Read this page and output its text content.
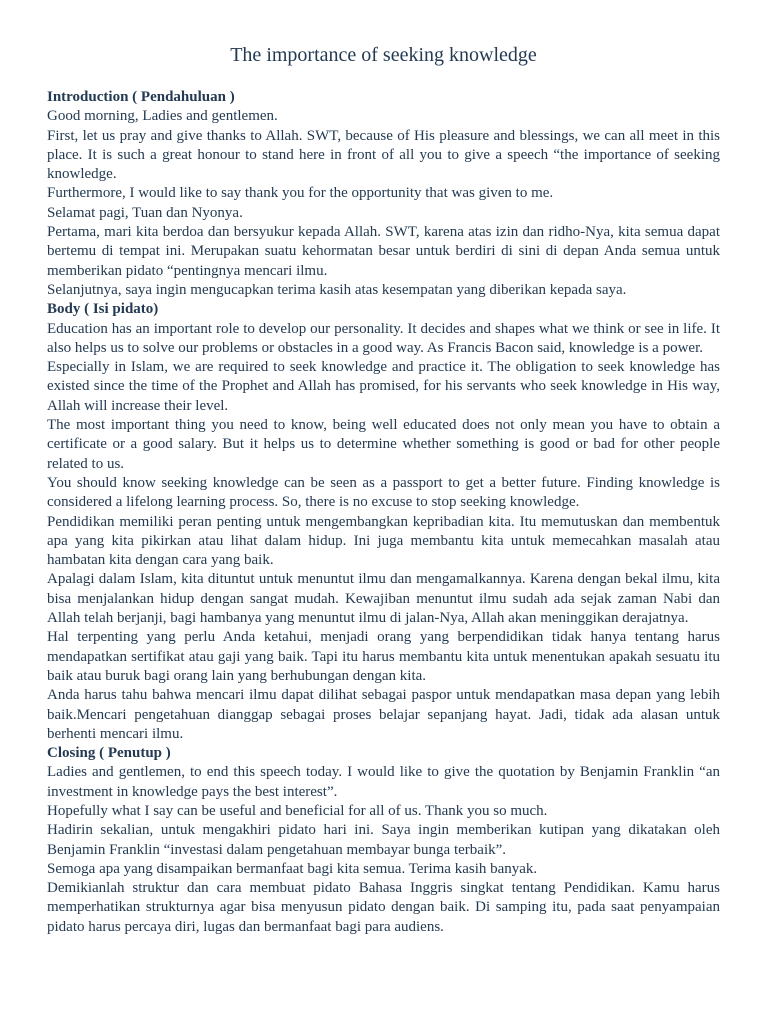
The importance of seeking knowledge

Introduction ( Pendahuluan )

Good morning, Ladies and gentlemen.

First, let us pray and give thanks to Allah. SWT, because of His pleasure and blessings, we can all meet in this place. It is such a great honour to stand here in front of all you to give a speech “the importance of seeking knowledge.

Furthermore, I would like to say thank you for the opportunity that was given to me.

Selamat pagi, Tuan dan Nyonya.

Pertama, mari kita berdoa dan bersyukur kepada Allah. SWT, karena atas izin dan ridho-Nya, kita semua dapat bertemu di tempat ini. Merupakan suatu kehormatan besar untuk berdiri di sini di depan Anda semua untuk memberikan pidato “pentingnya mencari ilmu.

Selanjutnya, saya ingin mengucapkan terima kasih atas kesempatan yang diberikan kepada saya.

Body ( Isi pidato)

Education has an important role to develop our personality. It decides and shapes what we think or see in life. It also helps us to solve our problems or obstacles in a good way. As Francis Bacon said, knowledge is a power.

Especially in Islam, we are required to seek knowledge and practice it. The obligation to seek knowledge has existed since the time of the Prophet and Allah has promised, for his servants who seek knowledge in His way, Allah will increase their level.

The most important thing you need to know, being well educated does not only mean you have to obtain a certificate or a good salary. But it helps us to determine whether something is good or bad for other people related to us.

You should know seeking knowledge can be seen as a passport to get a better future. Finding knowledge is considered a lifelong learning process. So, there is no excuse to stop seeking knowledge.

Pendidikan memiliki peran penting untuk mengembangkan kepribadian kita. Itu memutuskan dan membentuk apa yang kita pikirkan atau lihat dalam hidup. Ini juga membantu kita untuk memecahkan masalah atau hambatan kita dengan cara yang baik.

Apalagi dalam Islam, kita dituntut untuk menuntut ilmu dan mengamalkannya. Karena dengan bekal ilmu, kita bisa menjalankan hidup dengan sangat mudah. Kewajiban menuntut ilmu sudah ada sejak zaman Nabi dan Allah telah berjanji, bagi hambanya yang menuntut ilmu di jalan-Nya, Allah akan meninggikan derajatnya.

Hal terpenting yang perlu Anda ketahui, menjadi orang yang berpendidikan tidak hanya tentang harus mendapatkan sertifikat atau gaji yang baik. Tapi itu harus membantu kita untuk menentukan apakah sesuatu itu baik atau buruk bagi orang lain yang berhubungan dengan kita.

Anda harus tahu bahwa mencari ilmu dapat dilihat sebagai paspor untuk mendapatkan masa depan yang lebih baik.Mencari pengetahuan dianggap sebagai proses belajar sepanjang hayat. Jadi, tidak ada alasan untuk berhenti mencari ilmu.

Closing ( Penutup )

Ladies and gentlemen, to end this speech today. I would like to give the quotation by Benjamin Franklin “an investment in knowledge pays the best interest”.

Hopefully what I say can be useful and beneficial for all of us. Thank you so much.

Hadirin sekalian, untuk mengakhiri pidato hari ini. Saya ingin memberikan kutipan yang dikatakan oleh Benjamin Franklin “investasi dalam pengetahuan membayar bunga terbaik”.

Semoga apa yang disampaikan bermanfaat bagi kita semua. Terima kasih banyak.

Demikianlah struktur dan cara membuat pidato Bahasa Inggris singkat tentang Pendidikan. Kamu harus memperhatikan strukturnya agar bisa menyusun pidato dengan baik. Di samping itu, pada saat penyampaian pidato harus percaya diri, lugas dan bermanfaat bagi para audiens.
